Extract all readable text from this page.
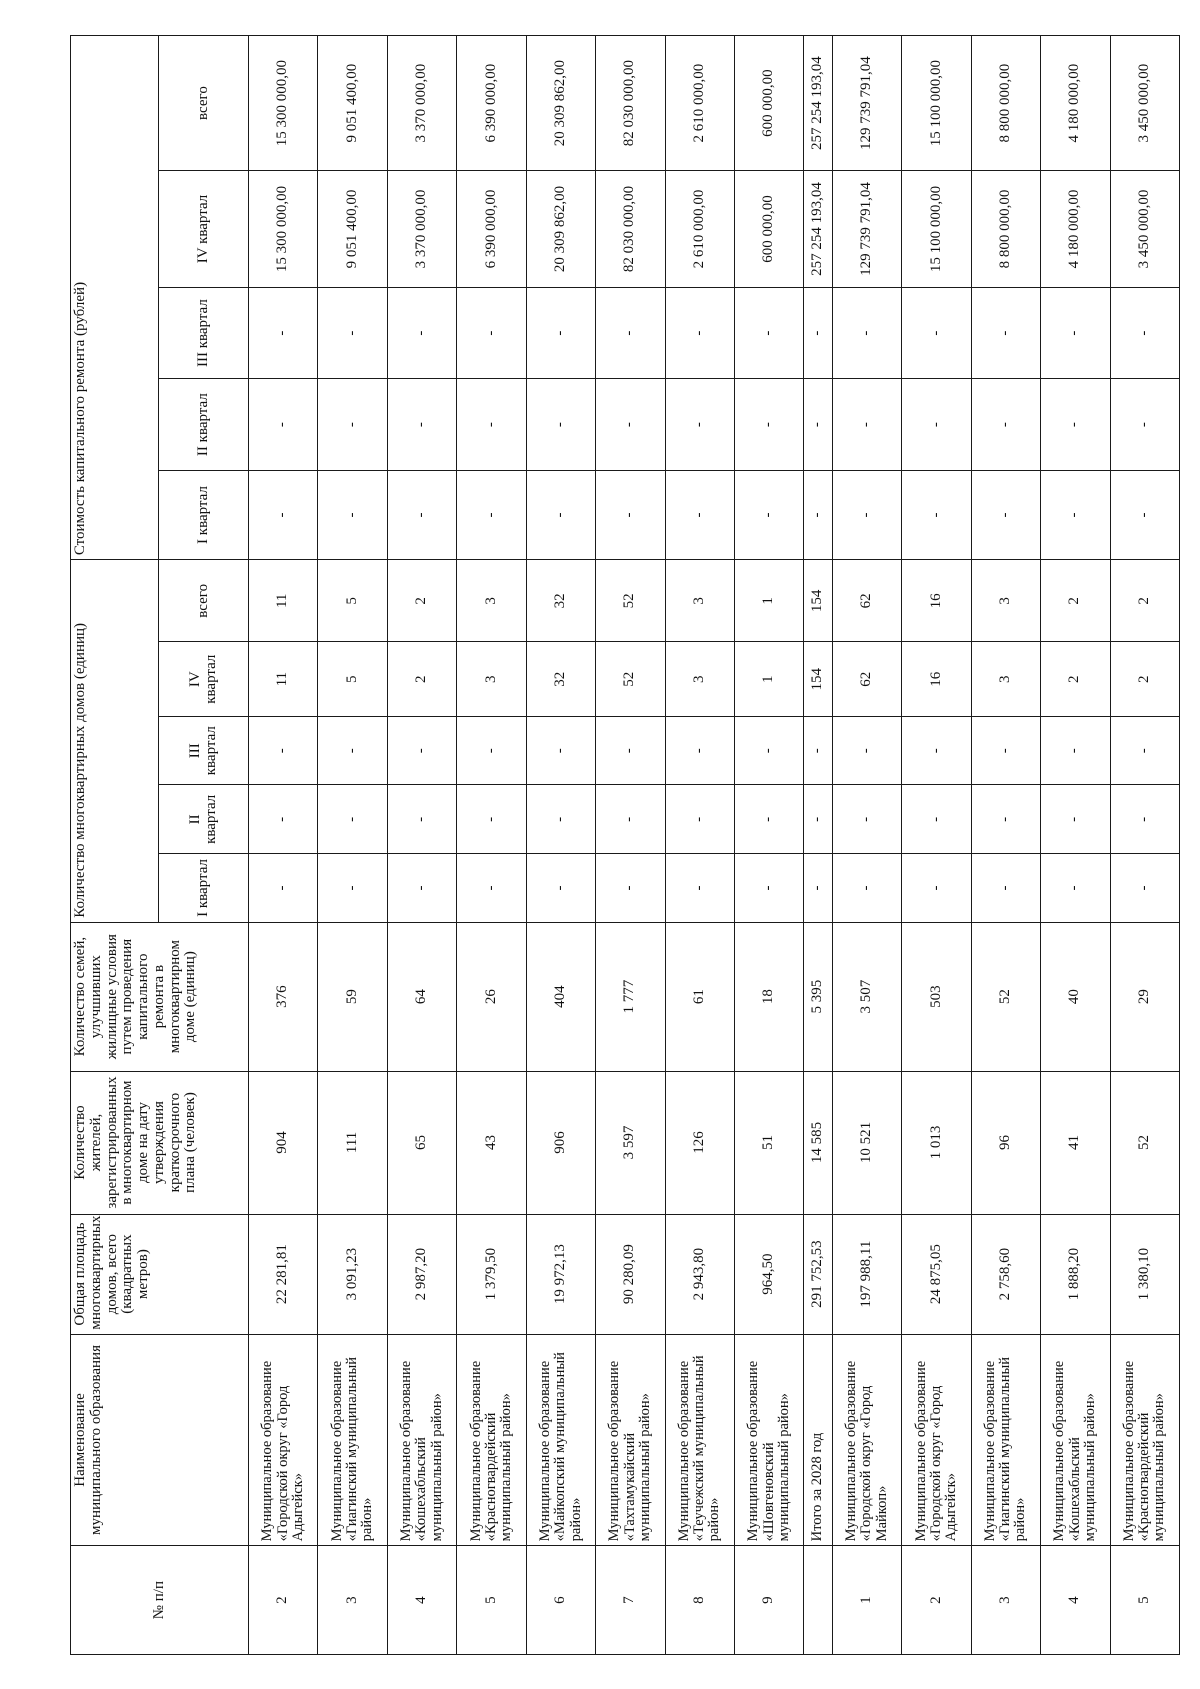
№ п/п	Наименование муниципального образования	Общая площадь многоквартирных домов, всего (квадратных метров)	Количество жителей, зарегистрированных в многоквартирном доме на дату утверждения краткосрочного плана (человек)	Количество семей, улучшивших жилищные условия путем проведения капитального ремонта в многоквартирном доме (единиц)	Количество многоквартирных домов (единиц)					Стоимость капитального ремонта (рублей)				
					I квартал	II квартал	III квартал	IV квартал	всего	I квартал	II квартал	III квартал	IV квартал	всего
2	Муниципальное образование «Городской округ «Город Адыгейск»	22 281,81	904	376	-	-	-	11	11	-	-	-	15 300 000,00	15 300 000,00
3	Муниципальное образование «Гиагинский муниципальный район»	3 091,23	111	59	-	-	-	5	5	-	-	-	9 051 400,00	9 051 400,00
4	Муниципальное образование «Кошехабльский муниципальный район»	2 987,20	65	64	-	-	-	2	2	-	-	-	3 370 000,00	3 370 000,00
5	Муниципальное образование «Красногвардейский муниципальный район»	1 379,50	43	26	-	-	-	3	3	-	-	-	6 390 000,00	6 390 000,00
6	Муниципальное образование «Майкопский муниципальный район»	19 972,13	906	404	-	-	-	32	32	-	-	-	20 309 862,00	20 309 862,00
7	Муниципальное образование «Тахтамукайский муниципальный район»	90 280,09	3 597	1 777	-	-	-	52	52	-	-	-	82 030 000,00	82 030 000,00
8	Муниципальное образование «Теучежский муниципальный район»	2 943,80	126	61	-	-	-	3	3	-	-	-	2 610 000,00	2 610 000,00
9	Муниципальное образование «Шовгеновский муниципальный район»	964,50	51	18	-	-	-	1	1	-	-	-	600 000,00	600 000,00
	Итого за 2028 год	291 752,53	14 585	5 395	-	-	-	154	154	-	-	-	257 254 193,04	257 254 193,04
1	Муниципальное образование «Городской округ «Город Майкоп»	197 988,11	10 521	3 507	-	-	-	62	62	-	-	-	129 739 791,04	129 739 791,04
2	Муниципальное образование «Городской округ «Город Адыгейск»	24 875,05	1 013	503	-	-	-	16	16	-	-	-	15 100 000,00	15 100 000,00
3	Муниципальное образование «Гиагинский муниципальный район»	2 758,60	96	52	-	-	-	3	3	-	-	-	8 800 000,00	8 800 000,00
4	Муниципальное образование «Кошехабльский муниципальный район»	1 888,20	41	40	-	-	-	2	2	-	-	-	4 180 000,00	4 180 000,00
5	Муниципальное образование «Красногвардейский муниципальный район»	1 380,10	52	29	-	-	-	2	2	-	-	-	3 450 000,00	3 450 000,00
